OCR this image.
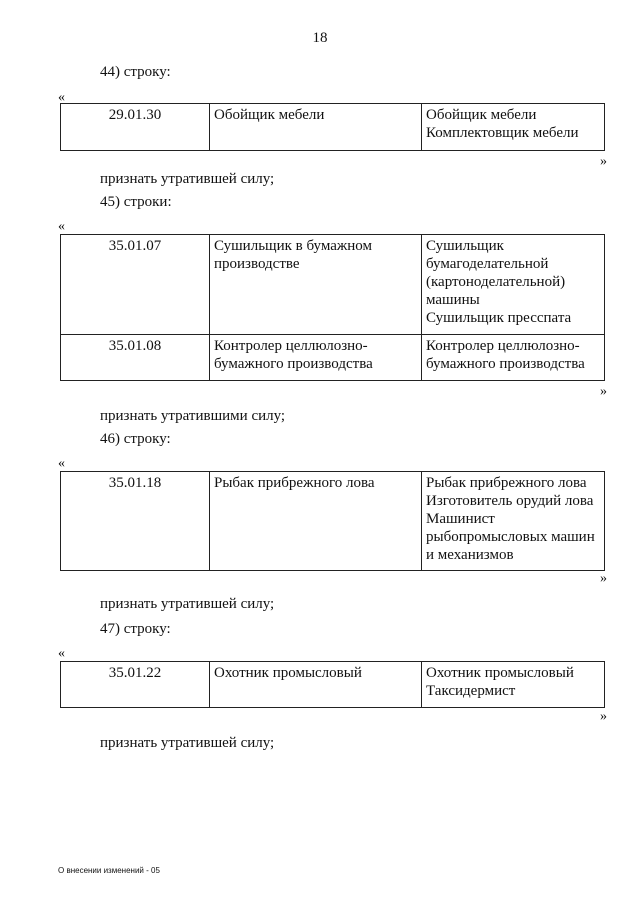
18
44) строку:
«
29.01.30	Обойщик мебели	Обойщик мебели
Комплектовщик мебели
»
признать утратившей силу;
45) строки:
«
35.01.07	Сушильщик в бумажном
производстве	Сушильщик
бумагоделательной
(картоноделательной)
машины
Сушильщик пресспата

35.01.08	Контролер целлюлозно-
бумажного производства	Контролер целлюлозно-
бумажного производства
»
признать утратившими силу;
46) строку:
«
35.01.18	Рыбак прибрежного лова	Рыбак прибрежного лова
Изготовитель орудий лова
Машинист
рыбопромысловых машин
и механизмов
»
признать утратившей силу;
47) строку:
«
35.01.22	Охотник промысловый	Охотник промысловый
Таксидермист
»
признать утратившей силу;
О внесении изменений - 05
